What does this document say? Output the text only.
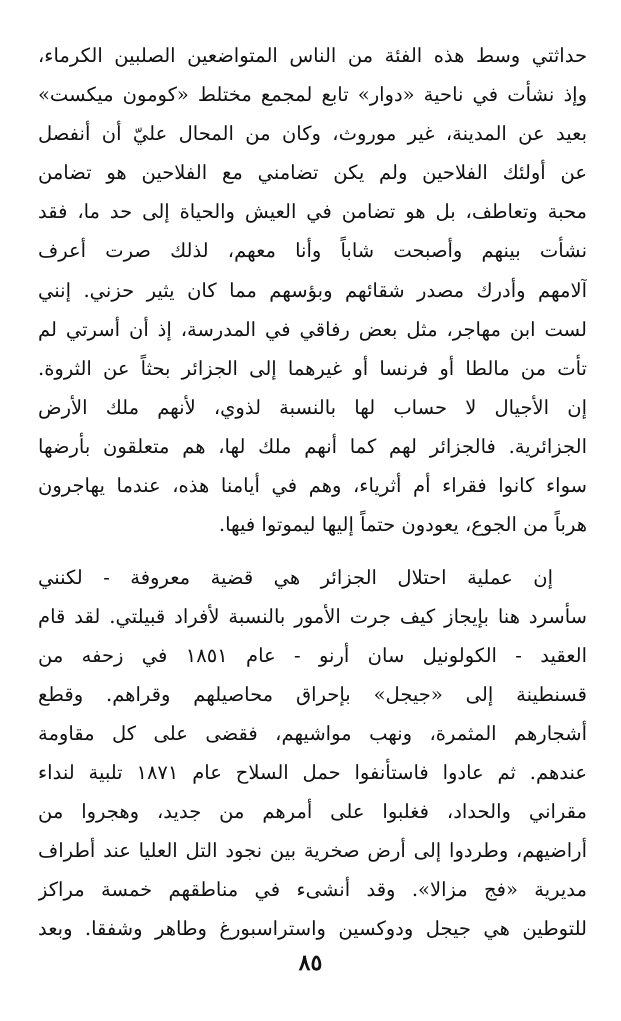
حداثتي وسط هذه الفئة من الناس المتواضعين الصلبين الكرماء،
وإذ نشأت في ناحية «دوار» تابع لمجمع مختلط «كومون ميكست»
بعيد عن المدينة، غير موروث، وكان من المحال عليّ أن أنفصل
عن أولئك الفلاحين ولم يكن تضامني مع الفلاحين هو تضامن
محبة وتعاطف، بل هو تضامن في العيش والحياة إلى حد ما، فقد
نشأت بينهم وأصبحت شاباً وأنا معهم، لذلك صرت أعرف
آلامهم وأدرك مصدر شقائهم وبؤسهم مما كان يثير حزني. إنني
لست ابن مهاجر، مثل بعض رفاقي في المدرسة، إذ أن أسرتي لم
تأت من مالطا أو فرنسا أو غيرهما إلى الجزائر بحثاً عن الثروة.
إن الأجيال لا حساب لها بالنسبة لذوي، لأنهم ملك الأرض
الجزائرية. فالجزائر لهم كما أنهم ملك لها، هم متعلقون بأرضها
سواء كانوا فقراء أم أثرياء، وهم في أيامنا هذه، عندما يهاجرون
هرباً من الجوع، يعودون حتماً إليها ليموتوا فيها.
إن عملية احتلال الجزائر هي قضية معروفة - لكنني
سأسرد هنا بإيجاز كيف جرت الأمور بالنسبة لأفراد قبيلتي. لقد قام
العقيد - الكولونيل سان أرنو - عام ١٨٥١ في زحفه من
قسنطينة إلى «جيجل» بإحراق محاصيلهم وقراهم. وقطع
أشجارهم المثمرة، ونهب مواشيهم، فقضى على كل مقاومة
عندهم. ثم عادوا فاستأنفوا حمل السلاح عام ١٨٧١ تلبية لنداء
مقراني والحداد، فغلبوا على أمرهم من جديد، وهجروا من
أراضيهم، وطردوا إلى أرض صخرية بين نجود التل العليا عند أطراف
مديرية «فج مزالا». وقد أنشىء في مناطقهم خمسة مراكز
للتوطين هي جيجل ودوكسين واستراسبورغ وطاهر وشفقا. وبعد
٨٥
